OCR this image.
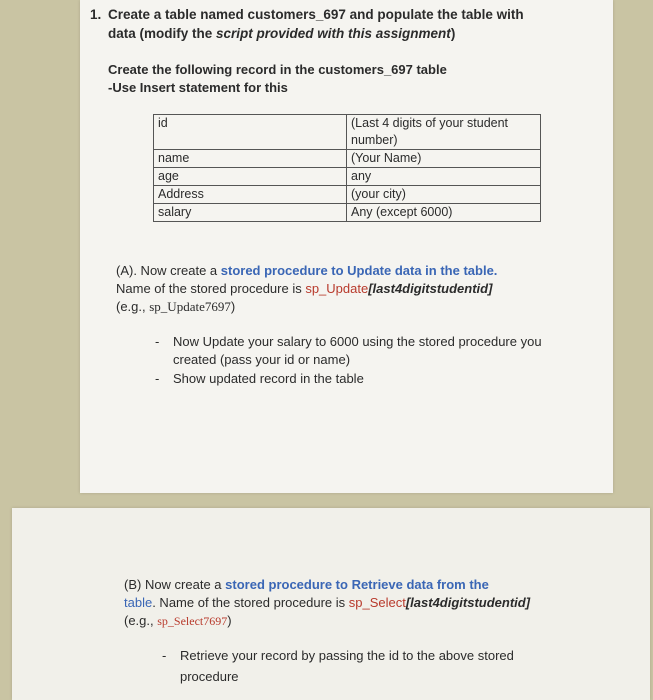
1. Create a table named customers_697 and populate the table with
data (modify the script provided with this assignment)
Create the following record in the customers_697 table
-Use Insert statement for this
id	(Last 4 digits of your student number)
name	(Your Name)
age	any
Address	(your city)
salary	Any (except 6000)
(A). Now create a stored procedure to Update data in the table.
Name of the stored procedure is sp_Update[last4digitstudentid]
(e.g., sp_Update7697)
- Now Update your salary to 6000 using the stored procedure you created (pass your id or name)
- Show updated record in the table
(B) Now create a stored procedure to Retrieve data from the
table. Name of the stored procedure is sp_Select[last4digitstudentid]
(e.g., sp_Select7697)
- Retrieve your record by passing the id to the above stored procedure
